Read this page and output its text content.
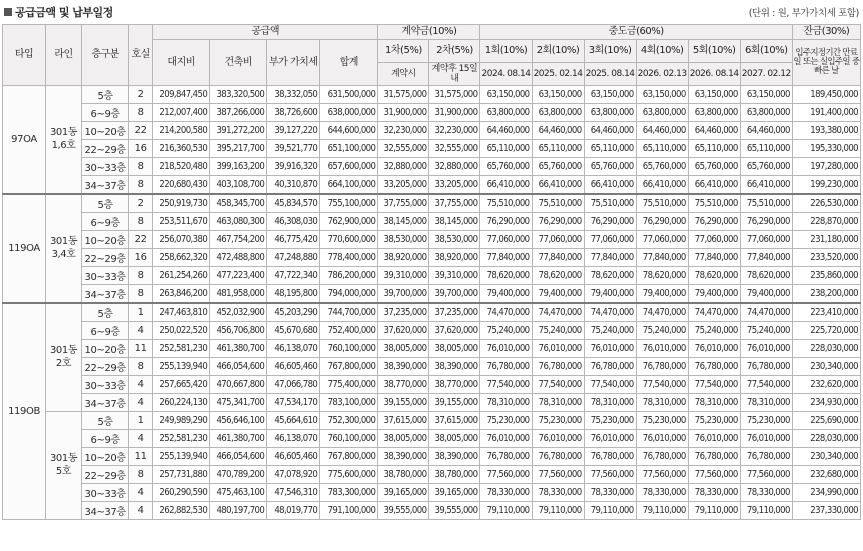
공급금액 및 납부일정	(단위 : 원, 부가가치세 포함)
타입	라인	층구분	호실	공급액				계약금(10%)		중도금(60%)						잔금(30%)
				대지비	건축비	부가 가치세	합계	1차(5%)	2차(5%)	1회(10%)	2회(10%)	3회(10%)	4회(10%)	5회(10%)	6회(10%)	입주지정기간 만료일 또는 실입주일 중 빠른 날
								계약시	계약후 15일내	2024. 08.14	2025. 02.14	2025. 08.14	2026. 02.13	2026. 08.14	2027. 02.12	
97OA	301동 1,6호	5층	2	209,847,450	383,320,500	38,332,050	631,500,000	31,575,000	31,575,000	63,150,000	63,150,000	63,150,000	63,150,000	63,150,000	63,150,000	189,450,000
		6~9층	8	212,007,400	387,266,000	38,726,600	638,000,000	31,900,000	31,900,000	63,800,000	63,800,000	63,800,000	63,800,000	63,800,000	63,800,000	191,400,000
		10~20층	22	214,200,580	391,272,200	39,127,220	644,600,000	32,230,000	32,230,000	64,460,000	64,460,000	64,460,000	64,460,000	64,460,000	64,460,000	193,380,000
		22~29층	16	216,360,530	395,217,700	39,521,770	651,100,000	32,555,000	32,555,000	65,110,000	65,110,000	65,110,000	65,110,000	65,110,000	65,110,000	195,330,000
		30~33층	8	218,520,480	399,163,200	39,916,320	657,600,000	32,880,000	32,880,000	65,760,000	65,760,000	65,760,000	65,760,000	65,760,000	65,760,000	197,280,000
		34~37층	8	220,680,430	403,108,700	40,310,870	664,100,000	33,205,000	33,205,000	66,410,000	66,410,000	66,410,000	66,410,000	66,410,000	66,410,000	199,230,000
119OA	301동 3,4호	5층	2	250,919,730	458,345,700	45,834,570	755,100,000	37,755,000	37,755,000	75,510,000	75,510,000	75,510,000	75,510,000	75,510,000	75,510,000	226,530,000
		6~9층	8	253,511,670	463,080,300	46,308,030	762,900,000	38,145,000	38,145,000	76,290,000	76,290,000	76,290,000	76,290,000	76,290,000	76,290,000	228,870,000
		10~20층	22	256,070,380	467,754,200	46,775,420	770,600,000	38,530,000	38,530,000	77,060,000	77,060,000	77,060,000	77,060,000	77,060,000	77,060,000	231,180,000
		22~29층	16	258,662,320	472,488,800	47,248,880	778,400,000	38,920,000	38,920,000	77,840,000	77,840,000	77,840,000	77,840,000	77,840,000	77,840,000	233,520,000
		30~33층	8	261,254,260	477,223,400	47,722,340	786,200,000	39,310,000	39,310,000	78,620,000	78,620,000	78,620,000	78,620,000	78,620,000	78,620,000	235,860,000
		34~37층	8	263,846,200	481,958,000	48,195,800	794,000,000	39,700,000	39,700,000	79,400,000	79,400,000	79,400,000	79,400,000	79,400,000	79,400,000	238,200,000
119OB	301동 2호	5층	1	247,463,810	452,032,900	45,203,290	744,700,000	37,235,000	37,235,000	74,470,000	74,470,000	74,470,000	74,470,000	74,470,000	74,470,000	223,410,000
		6~9층	4	250,022,520	456,706,800	45,670,680	752,400,000	37,620,000	37,620,000	75,240,000	75,240,000	75,240,000	75,240,000	75,240,000	75,240,000	225,720,000
		10~20층	11	252,581,230	461,380,700	46,138,070	760,100,000	38,005,000	38,005,000	76,010,000	76,010,000	76,010,000	76,010,000	76,010,000	76,010,000	228,030,000
		22~29층	8	255,139,940	466,054,600	46,605,460	767,800,000	38,390,000	38,390,000	76,780,000	76,780,000	76,780,000	76,780,000	76,780,000	76,780,000	230,340,000
		30~33층	4	257,665,420	470,667,800	47,066,780	775,400,000	38,770,000	38,770,000	77,540,000	77,540,000	77,540,000	77,540,000	77,540,000	77,540,000	232,620,000
		34~37층	4	260,224,130	475,341,700	47,534,170	783,100,000	39,155,000	39,155,000	78,310,000	78,310,000	78,310,000	78,310,000	78,310,000	78,310,000	234,930,000
	301동 5호	5층	1	249,989,290	456,646,100	45,664,610	752,300,000	37,615,000	37,615,000	75,230,000	75,230,000	75,230,000	75,230,000	75,230,000	75,230,000	225,690,000
		6~9층	4	252,581,230	461,380,700	46,138,070	760,100,000	38,005,000	38,005,000	76,010,000	76,010,000	76,010,000	76,010,000	76,010,000	76,010,000	228,030,000
		10~20층	11	255,139,940	466,054,600	46,605,460	767,800,000	38,390,000	38,390,000	76,780,000	76,780,000	76,780,000	76,780,000	76,780,000	76,780,000	230,340,000
		22~29층	8	257,731,880	470,789,200	47,078,920	775,600,000	38,780,000	38,780,000	77,560,000	77,560,000	77,560,000	77,560,000	77,560,000	77,560,000	232,680,000
		30~33층	4	260,290,590	475,463,100	47,546,310	783,300,000	39,165,000	39,165,000	78,330,000	78,330,000	78,330,000	78,330,000	78,330,000	78,330,000	234,990,000
		34~37층	4	262,882,530	480,197,700	48,019,770	791,100,000	39,555,000	39,555,000	79,110,000	79,110,000	79,110,000	79,110,000	79,110,000	79,110,000	237,330,000
